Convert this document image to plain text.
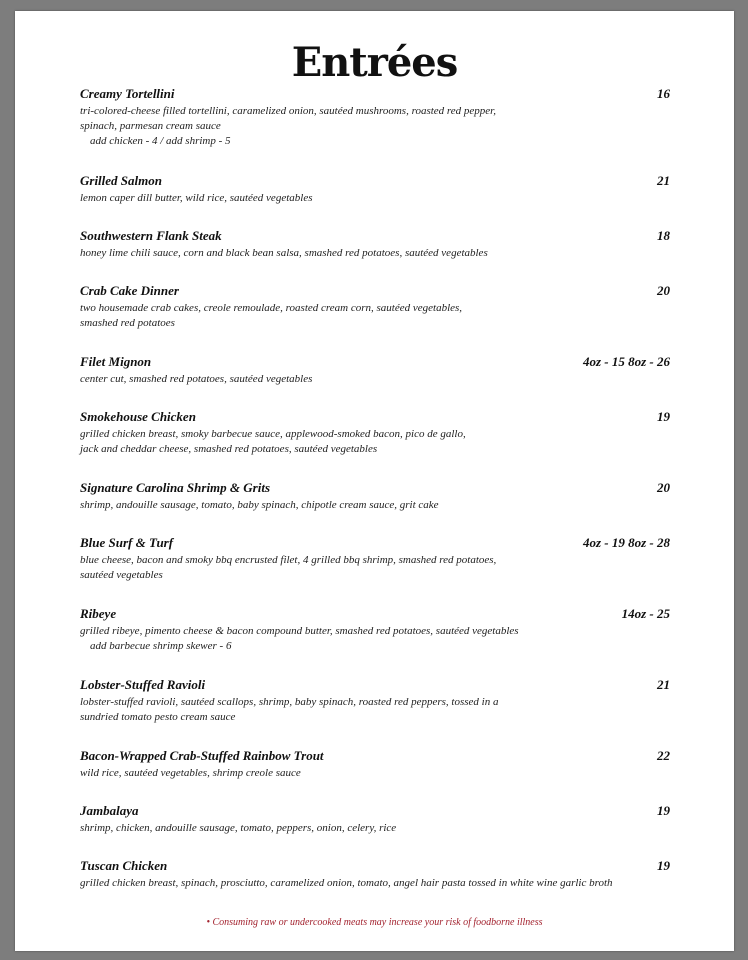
Entrées
Creamy Tortellini	16
tri-colored-cheese filled tortellini, caramelized onion, sautéed mushrooms, roasted red pepper,
spinach, parmesan cream sauce
add chicken - 4 / add shrimp - 5
Grilled Salmon	21
lemon caper dill butter, wild rice, sautéed vegetables
Southwestern Flank Steak	18
honey lime chili sauce, corn and black bean salsa, smashed red potatoes, sautéed vegetables
Crab Cake Dinner	20
two housemade crab cakes, creole remoulade, roasted cream corn, sautéed vegetables,
smashed red potatoes
Filet Mignon	4oz - 15 8oz - 26
center cut, smashed red potatoes, sautéed vegetables
Smokehouse Chicken	19
grilled chicken breast, smoky barbecue sauce, applewood-smoked bacon, pico de gallo,
jack and cheddar cheese, smashed red potatoes, sautéed vegetables
Signature Carolina Shrimp & Grits	20
shrimp, andouille sausage, tomato, baby spinach, chipotle cream sauce, grit cake
Blue Surf & Turf	4oz - 19 8oz - 28
blue cheese, bacon and smoky bbq encrusted filet, 4 grilled bbq shrimp, smashed red potatoes,
sautéed vegetables
Ribeye	14oz - 25
grilled ribeye, pimento cheese & bacon compound butter, smashed red potatoes, sautéed vegetables
add barbecue shrimp skewer - 6
Lobster-Stuffed Ravioli	21
lobster-stuffed ravioli, sautéed scallops, shrimp, baby spinach, roasted red peppers, tossed in a
sundried tomato pesto cream sauce
Bacon-Wrapped Crab-Stuffed Rainbow Trout	22
wild rice, sautéed vegetables, shrimp creole sauce
Jambalaya	19
shrimp, chicken, andouille sausage, tomato, peppers, onion, celery, rice
Tuscan Chicken	19
grilled chicken breast, spinach, prosciutto, caramelized onion, tomato, angel hair pasta tossed in white wine garlic broth
• Consuming raw or undercooked meats may increase your risk of foodborne illness
